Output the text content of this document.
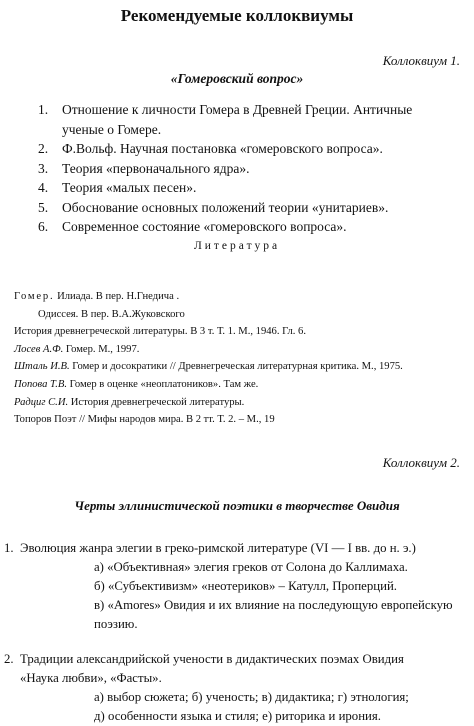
Рекомендуемые коллоквиумы
Коллоквиум 1.
«Гомеровский вопрос»
1.	Отношение к личности Гомера в Древней Греции. Античные
ученые о Гомере.
2.	Ф.Вольф. Научная постановка «гомеровского вопроса».
3.	Теория «первоначального ядра».
4.	Теория «малых песен».
5.	Обоснование основных положений теории «унитариев».
6.	Современное состояние «гомеровского вопроса».
Литература
Гомер. Илиада. В пер. Н.Гнедича .
Одиссея. В пер. В.А.Жуковского
История древнегреческой литературы. В 3 т. Т. 1. М., 1946. Гл. 6.
Лосев А.Ф. Гомер. М., 1997.
Шталь И.В. Гомер и досократики // Древнегреческая литературная критика. М., 1975.
Попова Т.В. Гомер в оценке «неоплатоников». Там же.
Радциг С.И. История древнегреческой литературы.
Топоров Поэт // Мифы народов мира. В 2 тт. Т. 2. – М., 19
Коллоквиум 2.
Черты эллинистической поэтики в творчестве Овидия
1. Эволюция жанра элегии в греко-римской литературе (VI — I вв. до н. э.)
а) «Объективная» элегия греков от Солона до Каллимаха.
б) «Субъективизм» «неотериков» – Катулл, Проперций.
в) «Amores» Овидия и их влияние на последующую европейскую
поэзию.
2. Традиции александрийской учености в дидактических поэмах Овидия
«Наука любви», «Фасты».
а) выбор сюжета; б) ученость; в) дидактика; г) этнология;
д) особенности языка и стиля; е) риторика и ирония.
